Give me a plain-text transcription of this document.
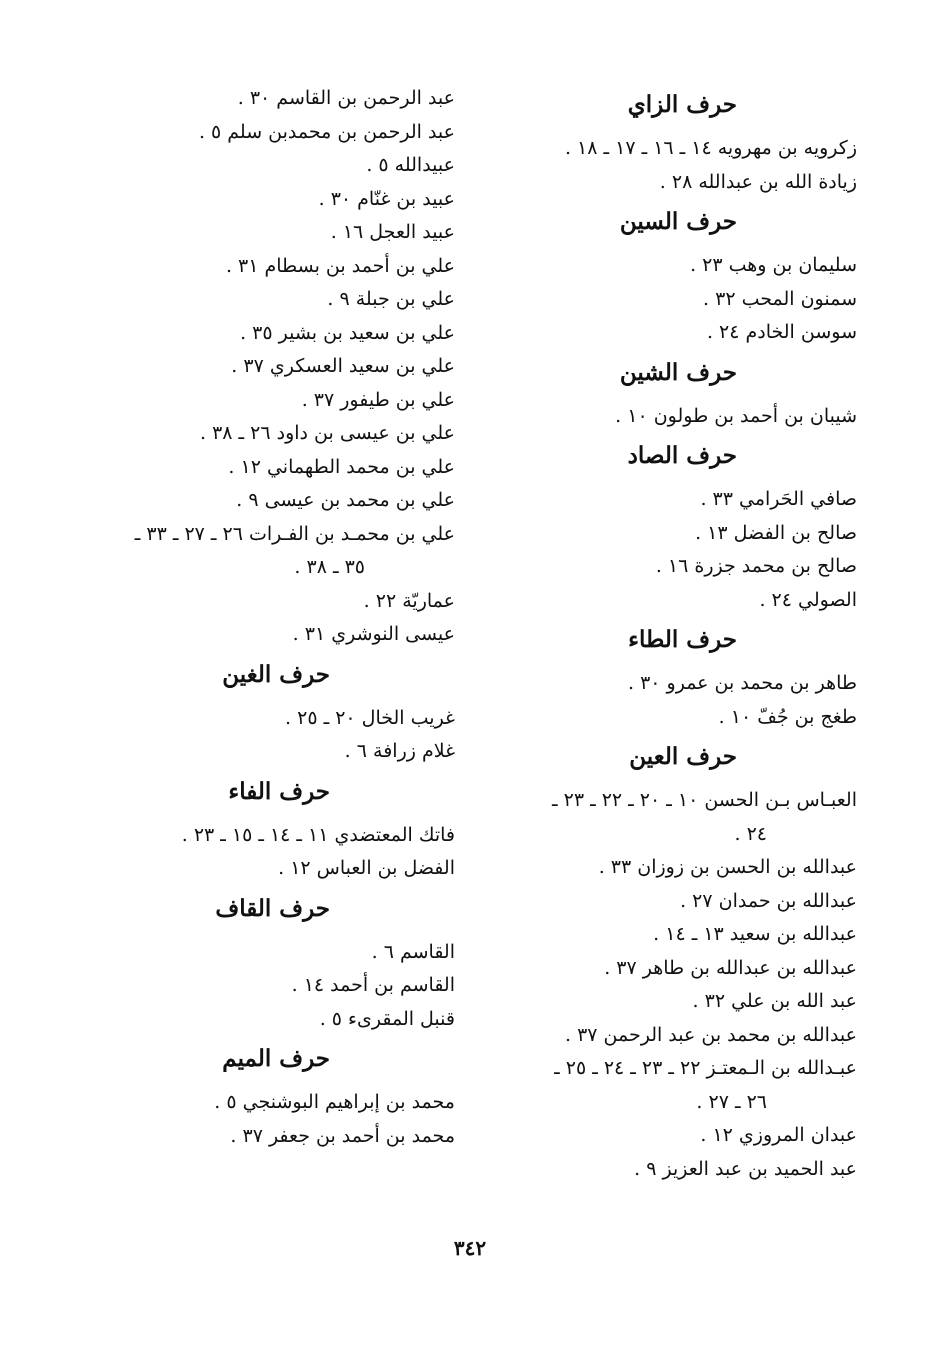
حرف الزاي
زكرويه بن مهرويه ١٤ ـ ١٦ ـ ١٧ ـ ١٨ .
زيادة الله بن عبدالله ٢٨ .
حرف السين
سليمان بن وهب ٢٣ .
سمنون المحب ٣٢ .
سوسن الخادم ٢٤ .
حرف الشين
شيبان بن أحمد بن طولون ١٠ .
حرف الصاد
صافي الحَرامي ٣٣ .
صالح بن الفضل ١٣ .
صالح بن محمد جزرة ١٦ .
الصولي ٢٤ .
حرف الطاء
طاهر بن محمد بن عمرو ٣٠ .
طغج بن جُفّ ١٠ .
حرف العين
العبـاس بـن الحسن ١٠ ـ ٢٠ ـ ٢٢ ـ ٢٣ ـ
٢٤ .
عبدالله بن الحسن بن زوزان ٣٣ .
عبدالله بن حمدان ٢٧ .
عبدالله بن سعيد ١٣ ـ ١٤ .
عبدالله بن عبدالله بن طاهر ٣٧ .
عبد الله بن علي ٣٢ .
عبدالله بن محمد بن عبد الرحمن ٣٧ .
عبـدالله بن الـمعتـز ٢٢ ـ ٢٣ ـ ٢٤ ـ ٢٥ ـ
٢٦ ـ ٢٧ .
عبدان المروزي ١٢ .
عبد الحميد بن عبد العزيز ٩ .
عبد الرحمن بن القاسم ٣٠ .
عبد الرحمن بن محمدبن سلم ٥ .
عبيدالله ٥ .
عبيد بن غنّام ٣٠ .
عبيد العجل ١٦ .
علي بن أحمد بن بسطام ٣١ .
علي بن جبلة ٩ .
علي بن سعيد بن بشير ٣٥ .
علي بن سعيد العسكري ٣٧ .
علي بن طيفور ٣٧ .
علي بن عيسى بن داود ٢٦ ـ ٣٨ .
علي بن محمد الطهماني ١٢ .
علي بن محمد بن عيسى ٩ .
علي بن محمـد بن الفـرات ٢٦ ـ ٢٧ ـ ٣٣ ـ
٣٥ ـ ٣٨ .
عماريّة ٢٢ .
عيسى النوشري ٣١ .
حرف الغين
غريب الخال ٢٠ ـ ٢٥ .
غلام زرافة ٦ .
حرف الفاء
فاتك المعتضدي ١١ ـ ١٤ ـ ١٥ ـ ٢٣ .
الفضل بن العباس ١٢ .
حرف القاف
القاسم ٦ .
القاسم بن أحمد ١٤ .
قنبل المقرىء ٥ .
حرف الميم
محمد بن إبراهيم البوشنجي ٥ .
محمد بن أحمد بن جعفر ٣٧ .
٣٤٢
